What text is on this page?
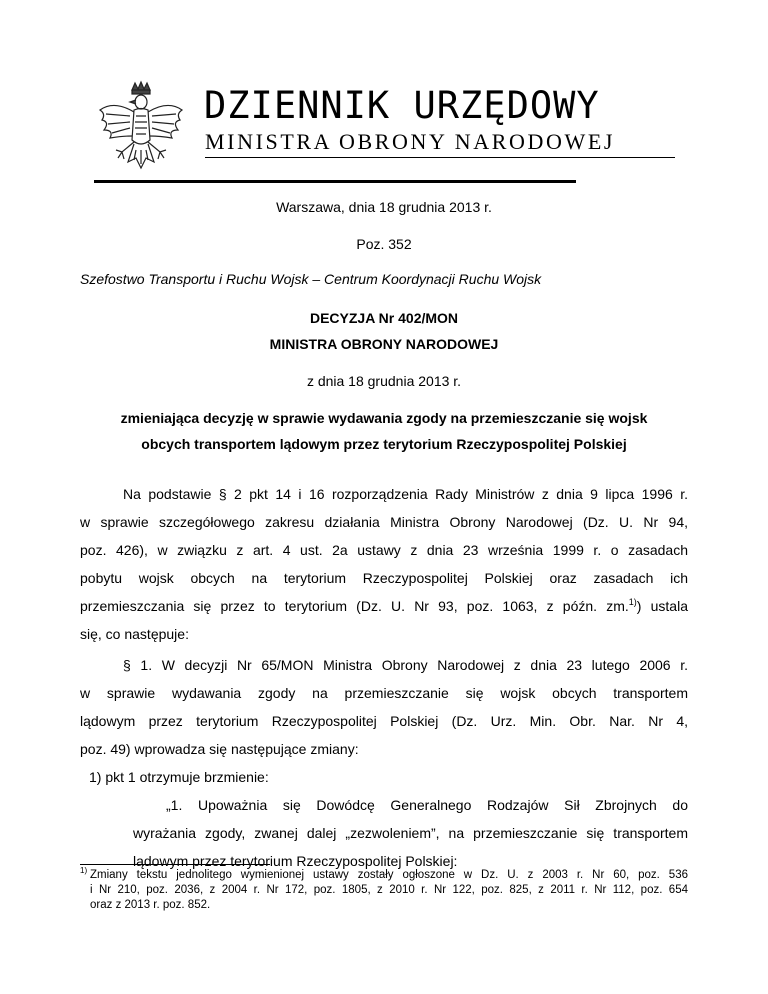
DZIENNIK URZĘDOWY
MINISTRA OBRONY NARODOWEJ
Warszawa, dnia 18 grudnia 2013 r.
Poz. 352
Szefostwo Transportu i Ruchu Wojsk – Centrum Koordynacji Ruchu Wojsk
DECYZJA Nr 402/MON
MINISTRA OBRONY NARODOWEJ
z dnia 18 grudnia 2013 r.
zmieniająca decyzję w sprawie wydawania zgody na przemieszczanie się wojsk
obcych transportem lądowym przez terytorium Rzeczypospolitej Polskiej
Na podstawie § 2 pkt 14 i 16 rozporządzenia Rady Ministrów z dnia 9 lipca 1996 r.
w sprawie szczegółowego zakresu działania Ministra Obrony Narodowej (Dz. U. Nr 94,
poz. 426), w związku z art. 4 ust. 2a ustawy z dnia 23 września 1999 r. o zasadach
pobytu wojsk obcych na terytorium Rzeczypospolitej Polskiej oraz zasadach ich
przemieszczania się przez to terytorium (Dz. U. Nr 93, poz. 1063, z późn. zm.$^{1)}$) ustala
się, co następuje:
§ 1. W decyzji Nr 65/MON Ministra Obrony Narodowej z dnia 23 lutego 2006 r.
w sprawie wydawania zgody na przemieszczanie się wojsk obcych transportem
lądowym przez terytorium Rzeczypospolitej Polskiej (Dz. Urz. Min. Obr. Nar. Nr 4,
poz. 49) wprowadza się następujące zmiany:
1) pkt 1 otrzymuje brzmienie:
„1. Upoważnia się Dowódcę Generalnego Rodzajów Sił Zbrojnych do
wyrażania zgody, zwanej dalej „zezwoleniem”, na przemieszczanie się transportem
lądowym przez terytorium Rzeczypospolitej Polskiej:
1) Zmiany tekstu jednolitego wymienionej ustawy zostały ogłoszone w Dz. U. z 2003 r. Nr 60, poz. 536
i Nr 210, poz. 2036, z 2004 r. Nr 172, poz. 1805, z 2010 r. Nr 122, poz. 825, z 2011 r. Nr 112, poz. 654
oraz z 2013 r. poz. 852.
